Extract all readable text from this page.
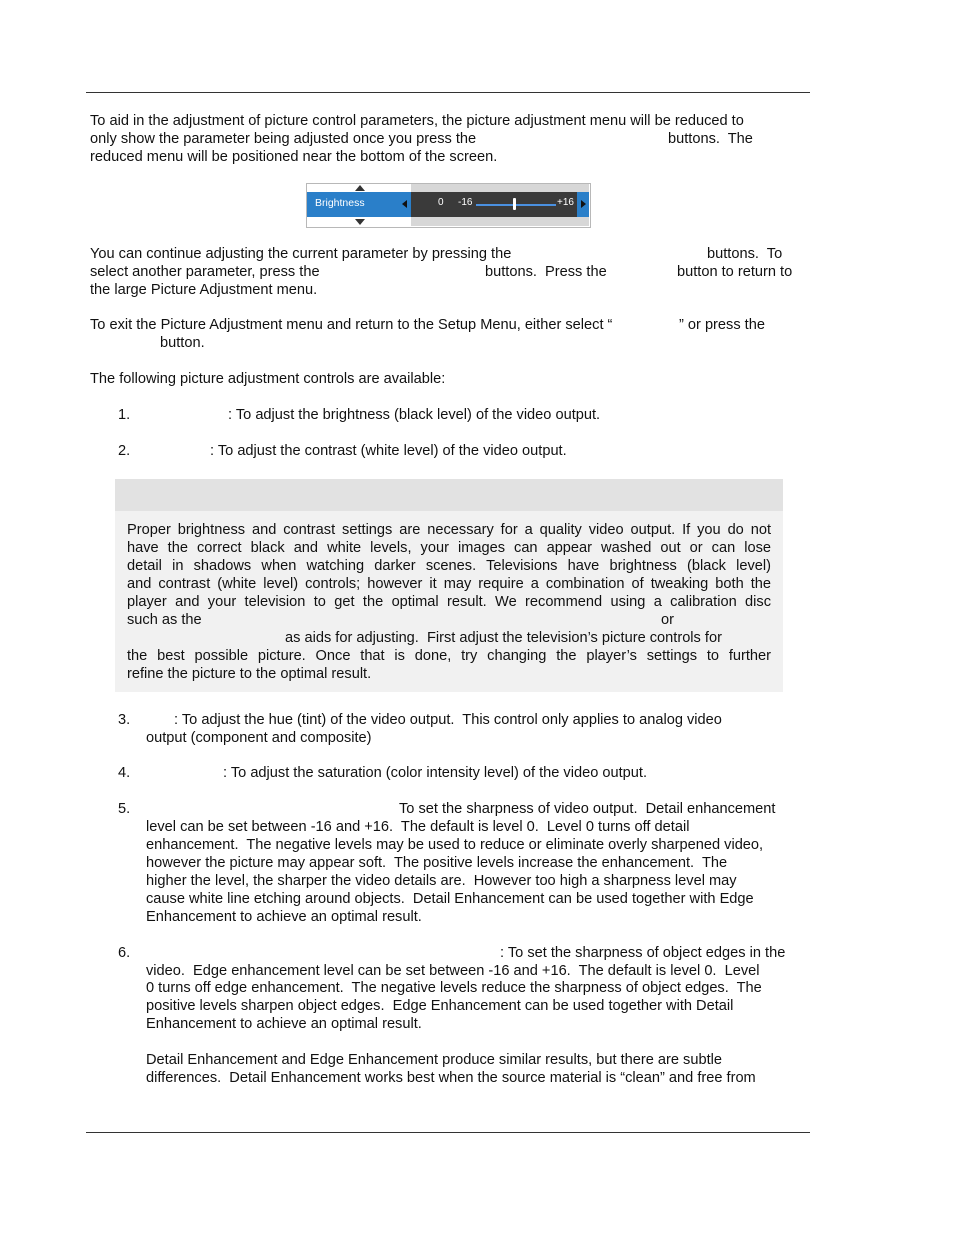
To aid in the adjustment of picture control parameters, the picture adjustment menu will be reduced to
only show the parameter being adjusted once you press the	buttons.  The
reduced menu will be positioned near the bottom of the screen.
Brightness	0 -16	+16
You can continue adjusting the current parameter by pressing the	buttons.  To
select another parameter, press the	buttons.  Press the	button to return to
the large Picture Adjustment menu.
To exit the Picture Adjustment menu and return to the Setup Menu, either select “	” or press the
button.
The following picture adjustment controls are available:
1.	: To adjust the brightness (black level) of the video output.
2.	: To adjust the contrast (white level) of the video output.
Proper brightness and contrast settings are necessary for a quality video output. If you do not
have the correct black and white levels, your images can appear washed out or can lose
detail in shadows when watching darker scenes. Televisions have brightness (black level)
and contrast (white level) controls; however it may require a combination of tweaking both the
player and your television to get the optimal result. We recommend using a calibration disc
such as the	or
as aids for adjusting.  First adjust the television’s picture controls for
the best possible picture. Once that is done, try changing the player’s settings to further
refine the picture to the optimal result.
3.	: To adjust the hue (tint) of the video output.  This control only applies to analog video
output (component and composite)
4.	: To adjust the saturation (color intensity level) of the video output.
5.	To set the sharpness of video output.  Detail enhancement
level can be set between -16 and +16.  The default is level 0.  Level 0 turns off detail
enhancement.  The negative levels may be used to reduce or eliminate overly sharpened video,
however the picture may appear soft.  The positive levels increase the enhancement.  The
higher the level, the sharper the video details are.  However too high a sharpness level may
cause white line etching around objects.  Detail Enhancement can be used together with Edge
Enhancement to achieve an optimal result.
6.	: To set the sharpness of object edges in the
video.  Edge enhancement level can be set between -16 and +16.  The default is level 0.  Level
0 turns off edge enhancement.  The negative levels reduce the sharpness of object edges.  The
positive levels sharpen object edges.  Edge Enhancement can be used together with Detail
Enhancement to achieve an optimal result.
Detail Enhancement and Edge Enhancement produce similar results, but there are subtle
differences.  Detail Enhancement works best when the source material is “clean” and free from
